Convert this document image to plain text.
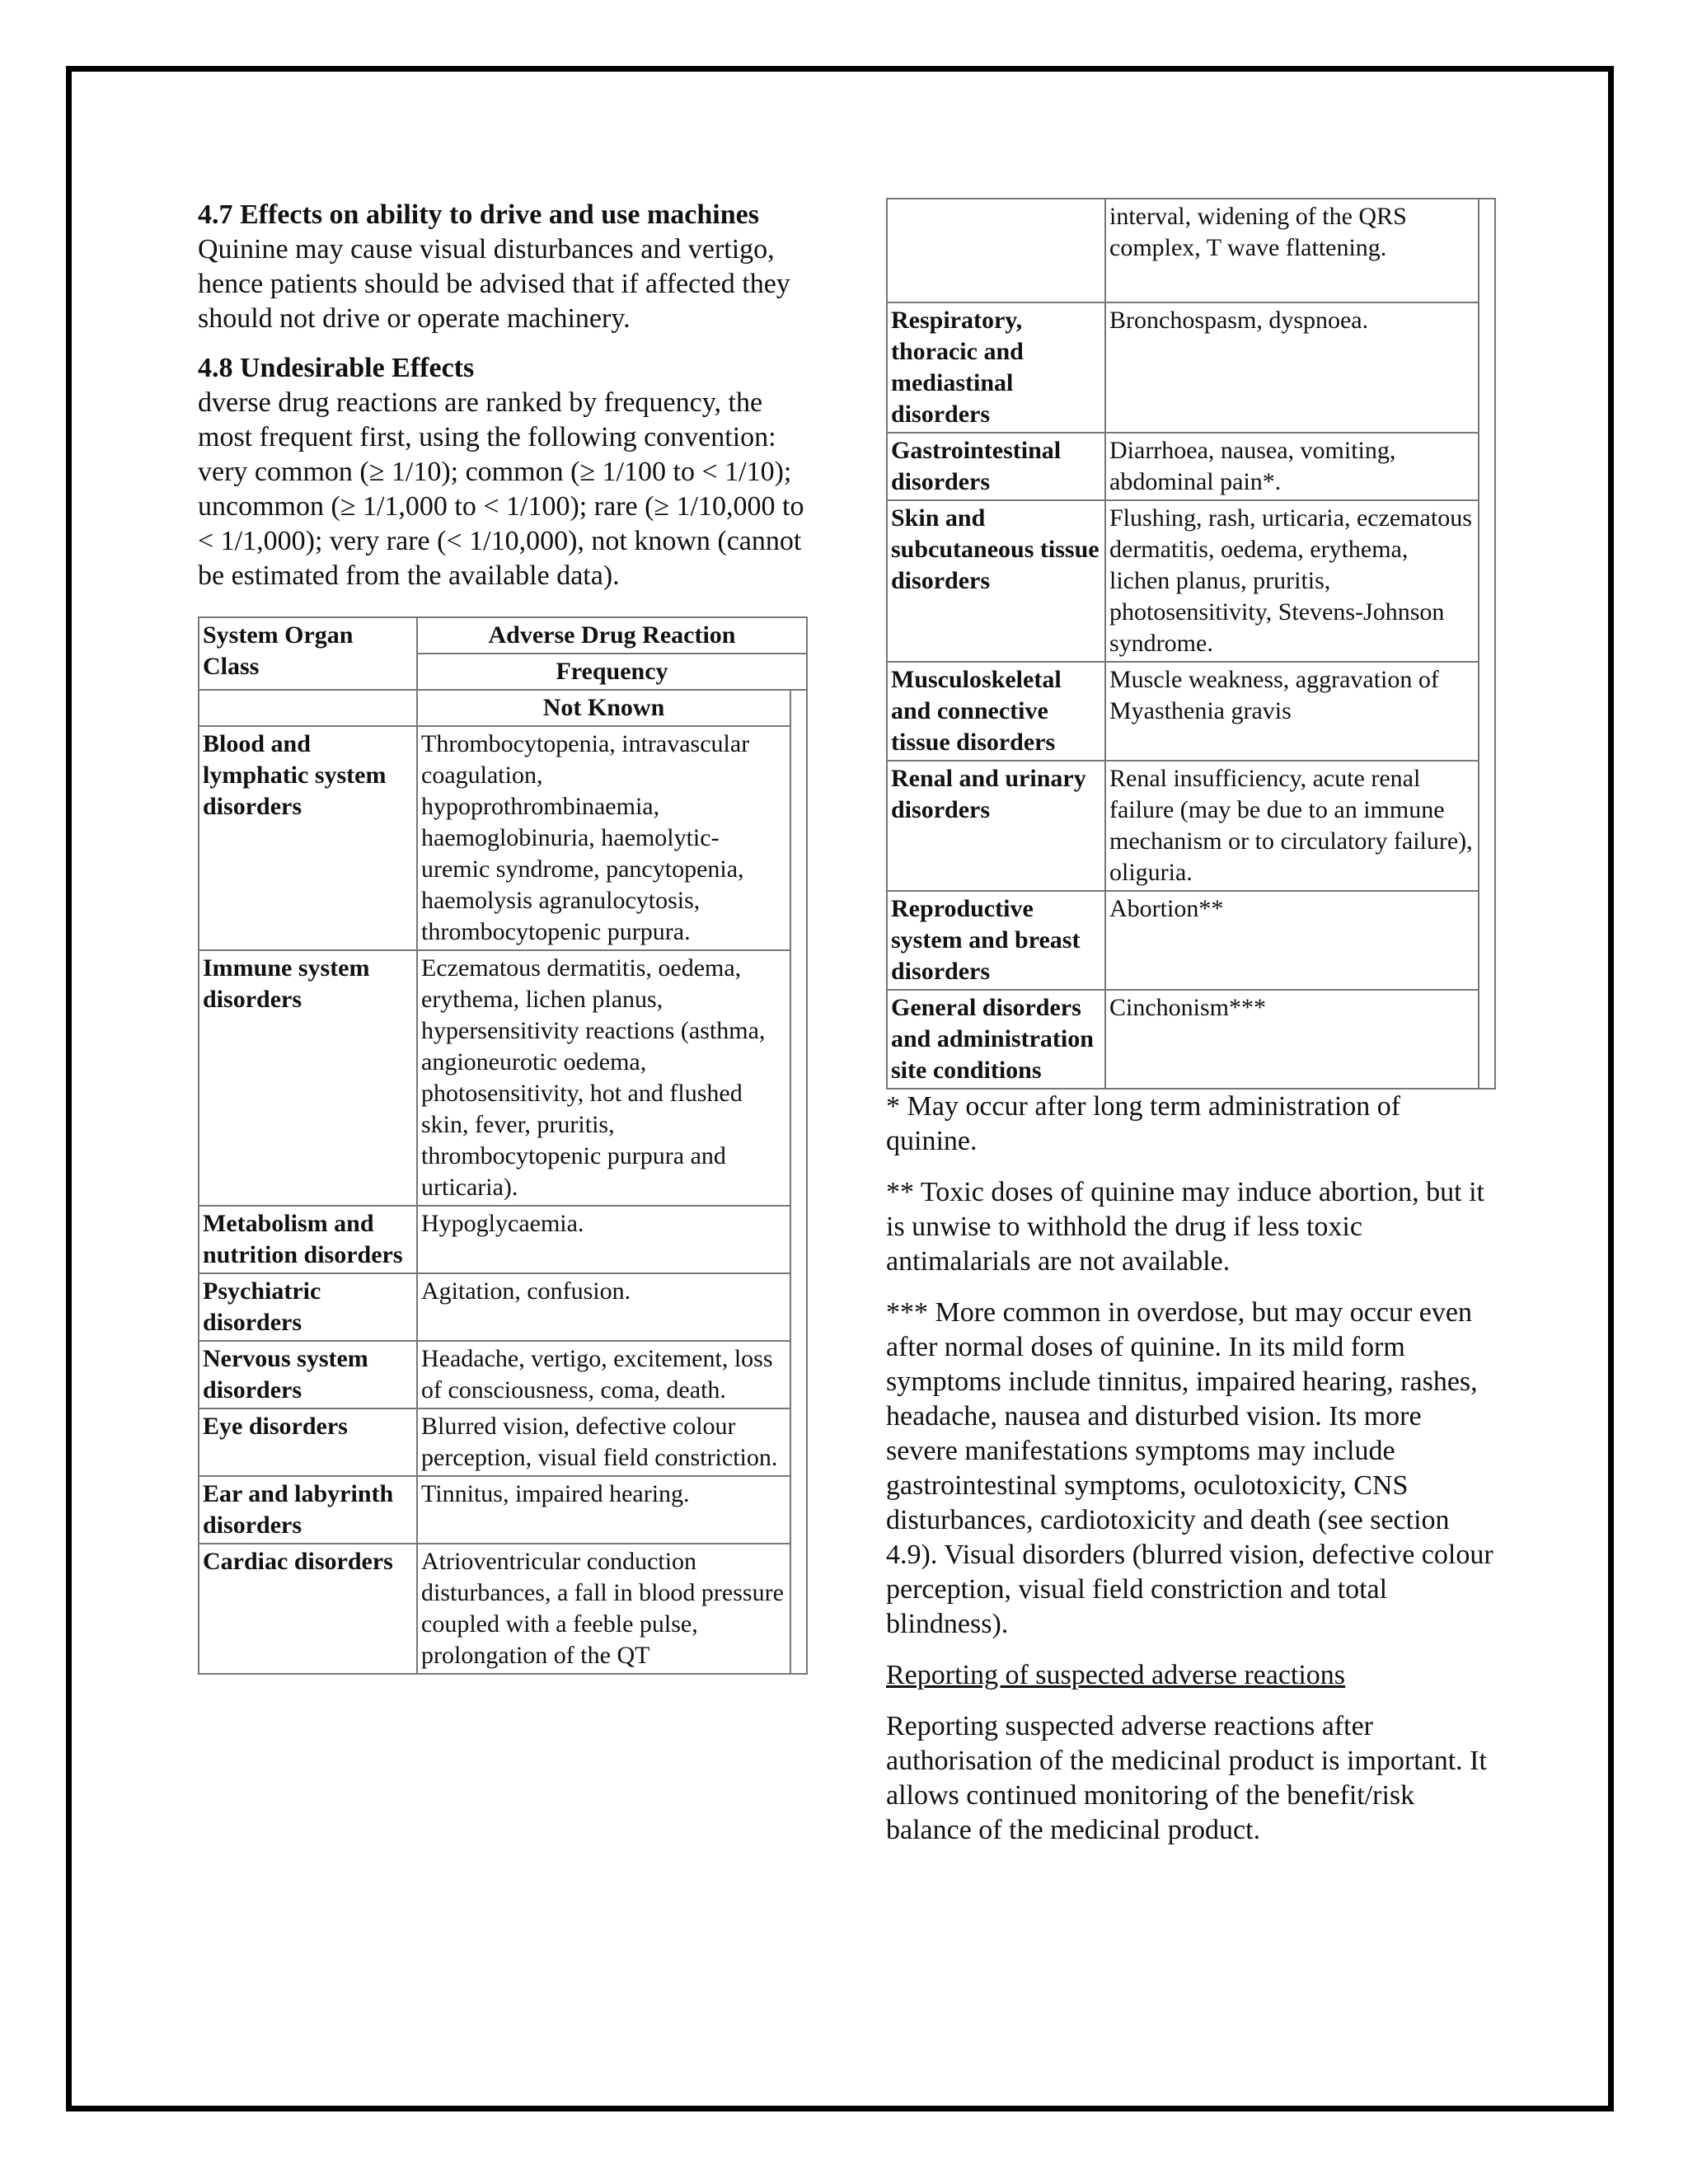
4.7 Effects on ability to drive and use machines

Quinine may cause visual disturbances and vertigo, hence patients should be advised that if affected they should not drive or operate machinery.

4.8 Undesirable Effects

dverse drug reactions are ranked by frequency, the most frequent first, using the following convention: very common (≥ 1/10); common (≥ 1/100 to < 1/10); uncommon (≥ 1/1,000 to < 1/100); rare (≥ 1/10,000 to < 1/1,000); very rare (< 1/10,000), not known (cannot be estimated from the available data).

System Organ Class	Adverse Drug Reaction	
	Frequency	
	Not Known	
Blood and lymphatic system disorders	Thrombocytopenia, intravascular coagulation, hypoprothrombinaemia, haemoglobinuria, haemolytic-uremic syndrome, pancytopenia, haemolysis agranulocytosis, thrombocytopenic purpura.	
Immune system disorders	Eczematous dermatitis, oedema, erythema, lichen planus, hypersensitivity reactions (asthma, angioneurotic oedema, photosensitivity, hot and flushed skin, fever, pruritis, thrombocytopenic purpura and urticaria).	
Metabolism and nutrition disorders	Hypoglycaemia.	
Psychiatric disorders	Agitation, confusion.	
Nervous system disorders	Headache, vertigo, excitement, loss of consciousness, coma, death.	
Eye disorders	Blurred vision, defective colour perception, visual field constriction.	
Ear and labyrinth disorders	Tinnitus, impaired hearing.	
Cardiac disorders	Atrioventricular conduction disturbances, a fall in blood pressure coupled with a feeble pulse, prolongation of the QT	
	interval, widening of the QRS complex, T wave flattening.	
Respiratory, thoracic and mediastinal disorders	Bronchospasm, dyspnoea.	
Gastrointestinal disorders	Diarrhoea, nausea, vomiting, abdominal pain*.	
Skin and subcutaneous tissue disorders	Flushing, rash, urticaria, eczematous dermatitis, oedema, erythema, lichen planus, pruritis, photosensitivity, Stevens-Johnson syndrome.	
Musculoskeletal and connective tissue disorders	Muscle weakness, aggravation of Myasthenia gravis	
Renal and urinary disorders	Renal insufficiency, acute renal failure (may be due to an immune mechanism or to circulatory failure), oliguria.	
Reproductive system and breast disorders	Abortion**	
General disorders and administration site conditions	Cinchonism***	

* May occur after long term administration of quinine.

** Toxic doses of quinine may induce abortion, but it is unwise to withhold the drug if less toxic antimalarials are not available.

*** More common in overdose, but may occur even after normal doses of quinine. In its mild form symptoms include tinnitus, impaired hearing, rashes, headache, nausea and disturbed vision. Its more severe manifestations symptoms may include gastrointestinal symptoms, oculotoxicity, CNS disturbances, cardiotoxicity and death (see section 4.9). Visual disorders (blurred vision, defective colour perception, visual field constriction and total blindness).

Reporting of suspected adverse reactions

Reporting suspected adverse reactions after authorisation of the medicinal product is important. It allows continued monitoring of the benefit/risk balance of the medicinal product.
